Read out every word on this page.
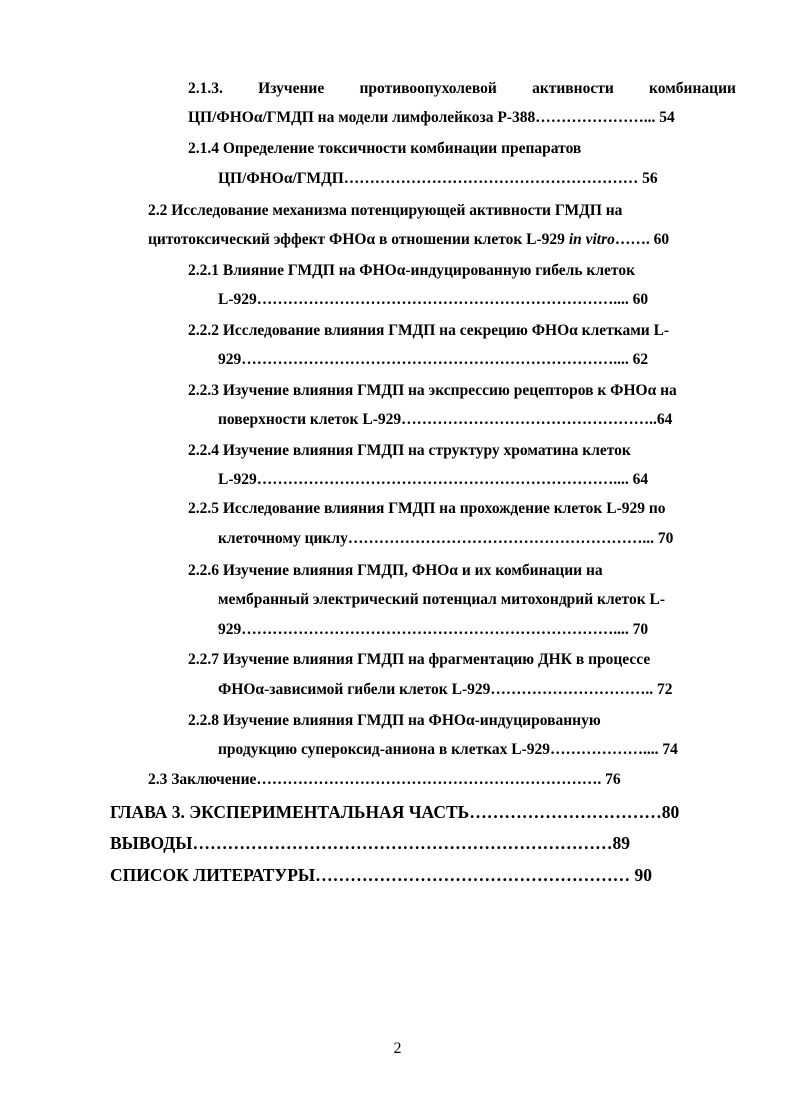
2.1.3. Изучение противоопухолевой активности комбинации
ЦП/ФНОα/ГМДП на модели лимфолейкоза Р-388…………………... 54
2.1.4 Определение токсичности комбинации препаратов
ЦП/ФНОα/ГМДП………………………………………………… 56
2.2 Исследование механизма потенцирующей активности ГМДП на
цитотоксический эффект ФНОα в отношении клеток L-929 in vitro……. 60
2.2.1 Влияние ГМДП на ФНОα-индуцированную гибель клеток
L-929…………………………………………………………….... 60
2.2.2 Исследование влияния ГМДП на секрецию ФНОα клетками L-
929……………………………………………………………….... 62
2.2.3 Изучение влияния ГМДП на экспрессию рецепторов к ФНОα на
поверхности клеток L-929…………………………………………..64
2.2.4 Изучение влияния ГМДП на структуру хроматина клеток
L-929…………………………………………………………….... 64
2.2.5 Исследование влияния ГМДП на прохождение клеток L-929 по
клеточному циклу…………………………………………………... 70
2.2.6 Изучение влияния ГМДП, ФНОα и их комбинации на
мембранный электрический потенциал митохондрий клеток L-
929……………………………………………………………….... 70
2.2.7 Изучение влияния ГМДП на фрагментацию ДНК в процессе
ФНОα-зависимой гибели клеток L-929………………………….. 72
2.2.8 Изучение влияния ГМДП на ФНОα-индуцированную
продукцию супероксид-аниона в клетках L-929……………….... 74
2.3 Заключение…………………………………………………………. 76
ГЛАВА 3. ЭКСПЕРИМЕНТАЛЬНАЯ ЧАСТЬ……………………………80
ВЫВОДЫ………………………………………………………………89
СПИСОК ЛИТЕРАТУРЫ……………………………………………… 90
2
